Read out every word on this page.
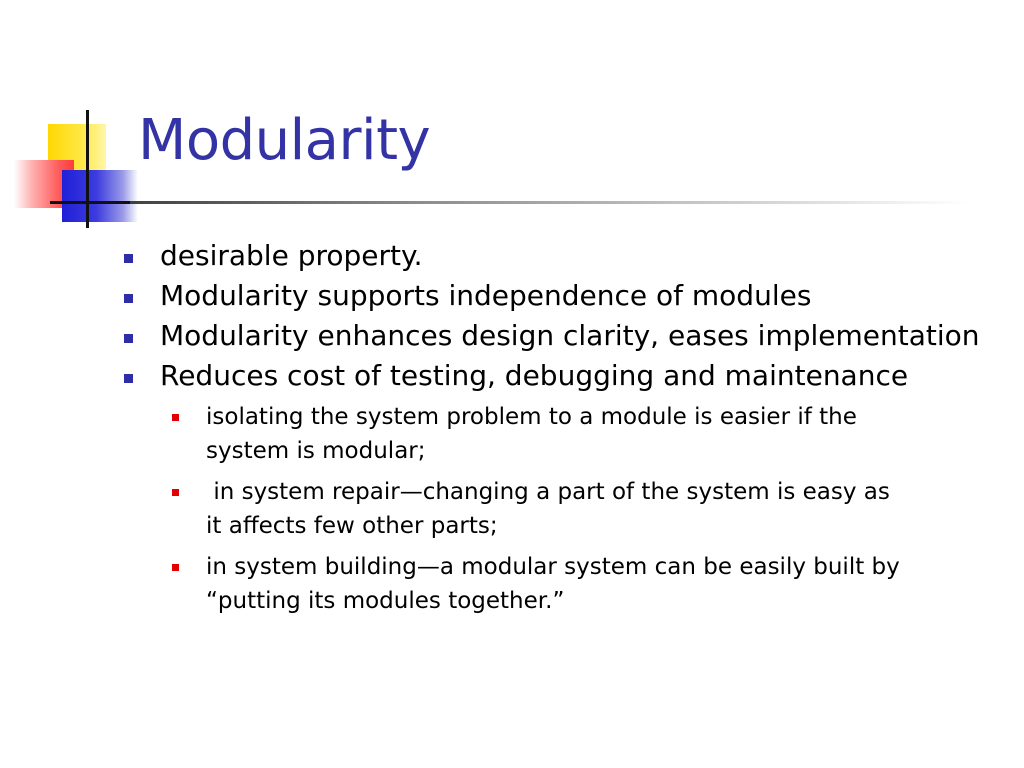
Modularity
desirable property.
Modularity supports independence of modules
Modularity enhances design clarity, eases implementation
Reduces cost of testing, debugging and maintenance
isolating the system problem to a module is easier if the system is modular;
in system repair—changing a part of the system is easy as it affects few other parts;
in system building—a modular system can be easily built by “putting its modules together.”
